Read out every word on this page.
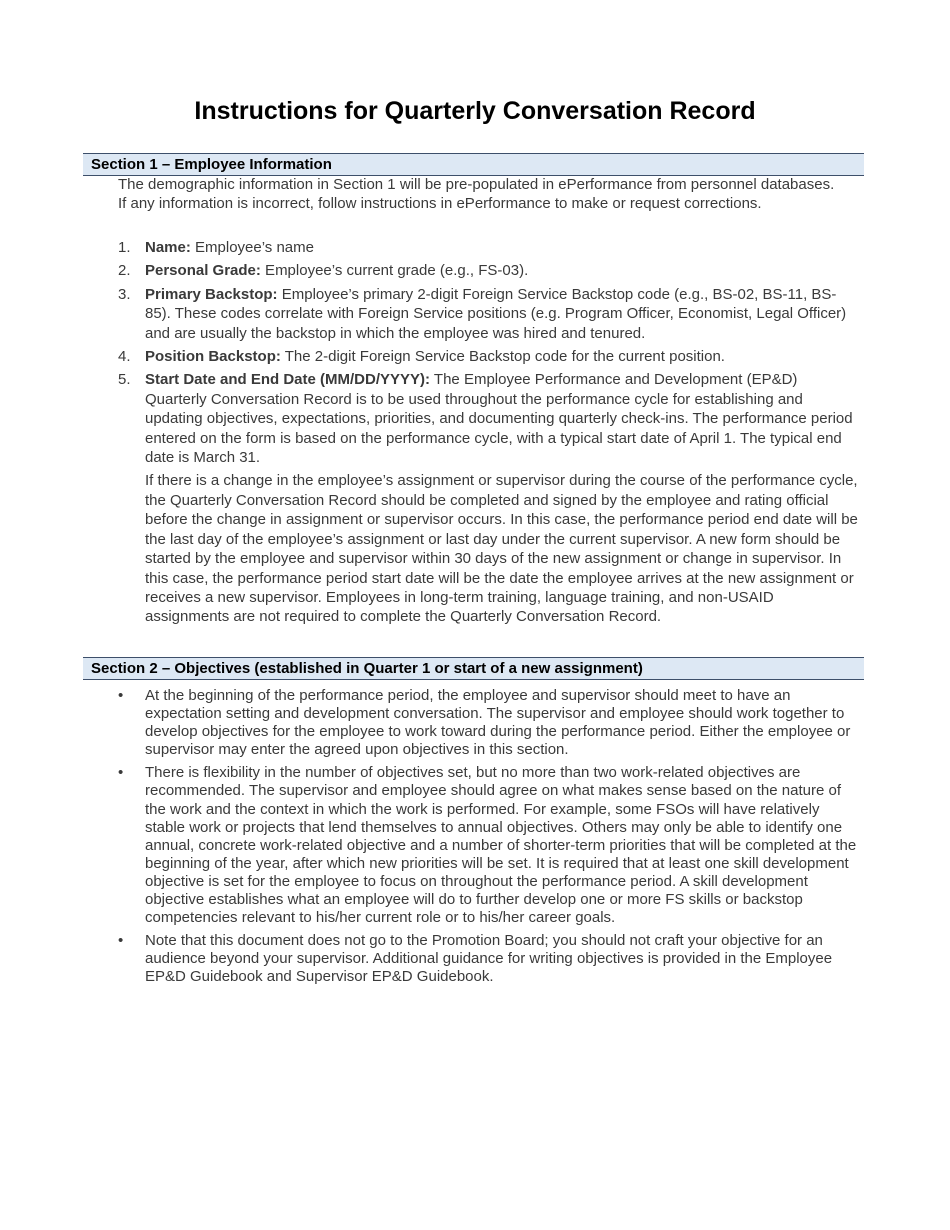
Instructions for Quarterly Conversation Record
Section 1 – Employee Information

The demographic information in Section 1 will be pre-populated in ePerformance from personnel databases. If any information is incorrect, follow instructions in ePerformance to make or request corrections.

1. Name: Employee’s name
2. Personal Grade: Employee’s current grade (e.g., FS-03).
3. Primary Backstop: Employee’s primary 2-digit Foreign Service Backstop code (e.g., BS-02, BS-11, BS-85). These codes correlate with Foreign Service positions (e.g. Program Officer, Economist, Legal Officer) and are usually the backstop in which the employee was hired and tenured.
4. Position Backstop: The 2-digit Foreign Service Backstop code for the current position.
5. Start Date and End Date (MM/DD/YYYY): The Employee Performance and Development (EP&D) Quarterly Conversation Record is to be used throughout the performance cycle for establishing and updating objectives, expectations, priorities, and documenting quarterly check-ins. The performance period entered on the form is based on the performance cycle, with a typical start date of April 1. The typical end date is March 31.

If there is a change in the employee’s assignment or supervisor during the course of the performance cycle, the Quarterly Conversation Record should be completed and signed by the employee and rating official before the change in assignment or supervisor occurs. In this case, the performance period end date will be the last day of the employee’s assignment or last day under the current supervisor. A new form should be started by the employee and supervisor within 30 days of the new assignment or change in supervisor. In this case, the performance period start date will be the date the employee arrives at the new assignment or receives a new supervisor. Employees in long-term training, language training, and non-USAID assignments are not required to complete the Quarterly Conversation Record.

Section 2 – Objectives (established in Quarter 1 or start of a new assignment)
• At the beginning of the performance period, the employee and supervisor should meet to have an expectation setting and development conversation. The supervisor and employee should work together to develop objectives for the employee to work toward during the performance period. Either the employee or supervisor may enter the agreed upon objectives in this section.
• There is flexibility in the number of objectives set, but no more than two work-related objectives are recommended. The supervisor and employee should agree on what makes sense based on the nature of the work and the context in which the work is performed. For example, some FSOs will have relatively stable work or projects that lend themselves to annual objectives. Others may only be able to identify one annual, concrete work-related objective and a number of shorter-term priorities that will be completed at the beginning of the year, after which new priorities will be set. It is required that at least one skill development objective is set for the employee to focus on throughout the performance period. A skill development objective establishes what an employee will do to further develop one or more FS skills or backstop competencies relevant to his/her current role or to his/her career goals.
• Note that this document does not go to the Promotion Board; you should not craft your objective for an audience beyond your supervisor. Additional guidance for writing objectives is provided in the Employee EP&D Guidebook and Supervisor EP&D Guidebook.
